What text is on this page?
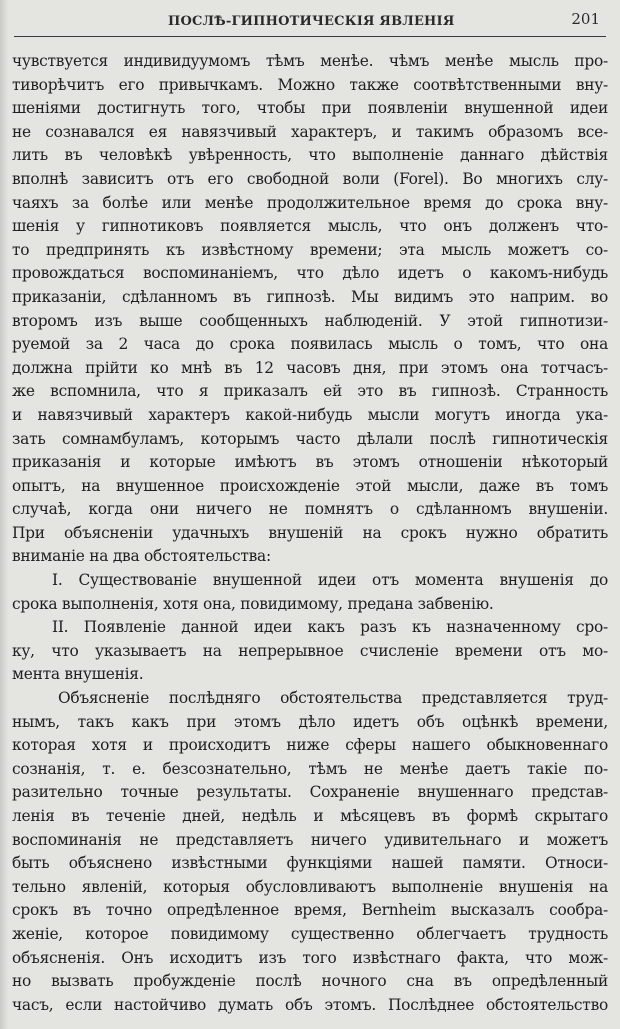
ПОСЛѢ-ГИПНОТИЧЕСКІЯ ЯВЛЕНІЯ	201
чувствуется индивидуумомъ тѣмъ менѣе. чѣмъ менѣе мысль про-
тиворѣчитъ его привычкамъ. Можно также соотвѣтственными вну-
шеніями достигнуть того, чтобы при появленіи внушенной идеи
не сознавался ея навязчивый характеръ, и такимъ образомъ все-
лить въ человѣкѣ увѣренность, что выполненіе даннаго дѣйствія
вполнѣ зависитъ отъ его свободной воли (Forel). Во многихъ слу-
чаяхъ за болѣе или менѣе продолжительное время до срока вну-
шенія у гипнотиковъ появляется мысль, что онъ долженъ что-
то предпринять къ извѣстному времени; эта мысль можетъ со-
провождаться воспоминаніемъ, что дѣло идетъ о какомъ-нибудь
приказаніи, сдѣланномъ въ гипнозѣ. Мы видимъ это наприм. во
второмъ изъ выше сообщенныхъ наблюденій. У этой гипнотизи-
руемой за 2 часа до срока появилась мысль о томъ, что она
должна прійти ко мнѣ въ 12 часовъ дня, при этомъ она тотчасъ-
же вспомнила, что я приказалъ ей это въ гипнозѣ. Странность
и навязчивый характеръ какой-нибудь мысли могутъ иногда ука-
зать сомнамбуламъ, которымъ часто дѣлали послѣ гипнотическія
приказанія и которые имѣютъ въ этомъ отношеніи нѣкоторый
опытъ, на внушенное происхожденіе этой мысли, даже въ томъ
случаѣ, когда они ничего не помнятъ о сдѣланномъ внушеніи.
При объясненіи удачныхъ внушеній на срокъ нужно обратить
вниманіе на два обстоятельства:
I. Существованіе внушенной идеи отъ момента внушенія до
срока выполненія, хотя она, повидимому, предана забвенію.
II. Появленіе данной идеи какъ разъ къ назначенному сро-
ку, что указываетъ на непрерывное счисленіе времени отъ мо-
мента внушенія.
Объясненіе послѣдняго обстоятельства представляется труд-
нымъ, такъ какъ при этомъ дѣло идетъ объ оцѣнкѣ времени,
которая хотя и происходитъ ниже сферы нашего обыкновеннаго
сознанія, т. е. безсознательно, тѣмъ не менѣе даетъ такіе по-
разительно точные результаты. Сохраненіе внушеннаго представ-
ленія въ теченіе дней, недѣль и мѣсяцевъ въ формѣ скрытаго
воспоминанія не представляетъ ничего удивительнаго и можетъ
быть объяснено извѣстными функціями нашей памяти. Относи-
тельно явленій, которыя обусловливаютъ выполненіе внушенія на
срокъ въ точно опредѣленное время, Bernheim высказалъ сообра-
женіе, которое повидимому существенно облегчаетъ трудность
объясненія. Онъ исходитъ изъ того извѣстнаго факта, что мож-
но вызвать пробужденіе послѣ ночного сна въ опредѣленный
часъ, если настойчиво думать объ этомъ. Послѣднее обстоятельство
